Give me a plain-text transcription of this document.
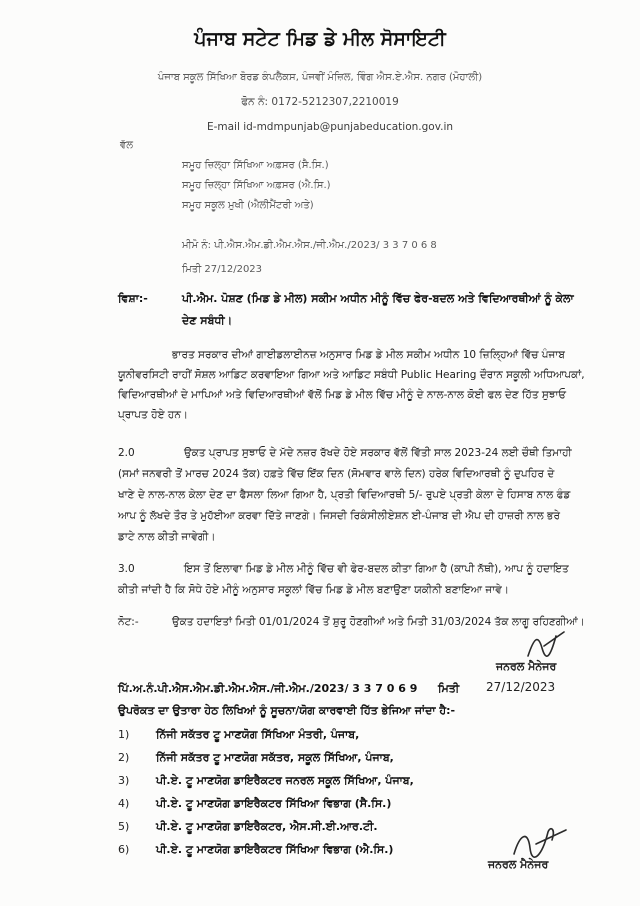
ਪੰਜਾਬ ਸਟੇਟ ਮਿਡ ਡੇ ਮੀਲ ਸੋਸਾਇਟੀ
ਪੰਜਾਬ ਸਕੂਲ ਸਿੱਖਿਆ ਬੋਰਡ ਕੰਪਲੈਕਸ, ਪੰਜਵੀਂ ਮੰਜ਼ਿਲ, ਵਿੰਗ ਐਸ.ਏ.ਐਸ. ਨਗਰ (ਮੋਹਾਲੀ)
ਫੋਨ ਨੰ: 0172-5212307,2210019
E-mail id-mdmpunjab@punjabeducation.gov.in
ਵੱਲ
ਸਮੂਹ ਜ਼ਿਲ੍ਹਾ ਸਿੱਖਿਆ ਅਫ਼ਸਰ (ਸੈ.ਸਿ.)
ਸਮੂਹ ਜ਼ਿਲ੍ਹਾ ਸਿੱਖਿਆ ਅਫ਼ਸਰ (ਐ.ਸਿ.)
ਸਮੂਹ ਸਕੂਲ ਮੁਖੀ (ਐਲੀਮੈਂਟਰੀ ਅਤੇ)
ਮੀਮੋ ਨੰ: ਪੀ.ਐਸ.ਐਮ.ਡੀ.ਐਮ.ਐਸ./ਜੀ.ਐਮ./2023/ 3 3 7 0 6 8
ਮਿਤੀ 27/12/2023
ਵਿਸ਼ਾ:-	ਪੀ.ਐਮ. ਪੋਸ਼ਣ (ਮਿਡ ਡੇ ਮੀਲ) ਸਕੀਮ ਅਧੀਨ ਮੀਨੂੰ ਵਿੱਚ ਫੇਰ-ਬਦਲ ਅਤੇ ਵਿਦਿਆਰਥੀਆਂ ਨੂੰ ਕੇਲਾ
ਦੇਣ ਸਬੰਧੀ।
ਭਾਰਤ ਸਰਕਾਰ ਦੀਆਂ ਗਾਈਡਲਾਈਨਜ਼ ਅਨੁਸਾਰ ਮਿਡ ਡੇ ਮੀਲ ਸਕੀਮ ਅਧੀਨ 10 ਜ਼ਿਲ੍ਹਿਆਂ ਵਿੱਚ ਪੰਜਾਬ
ਯੂਨੀਵਰਸਿਟੀ ਰਾਹੀਂ ਸੋਸ਼ਲ ਆਡਿਟ ਕਰਵਾਇਆ ਗਿਆ ਅਤੇ ਆਡਿਟ ਸਬੰਧੀ Public Hearing ਦੌਰਾਨ ਸਕੂਲੀ ਅਧਿਆਪਕਾਂ,
ਵਿਦਿਆਰਥੀਆਂ ਦੇ ਮਾਪਿਆਂ ਅਤੇ ਵਿਦਿਆਰਥੀਆਂ ਵੱਲੋਂ ਮਿਡ ਡੇ ਮੀਲ ਵਿੱਚ ਮੀਨੂੰ ਦੇ ਨਾਲ-ਨਾਲ ਕੋਈ ਫਲ ਦੇਣ ਹਿੱਤ ਸੁਝਾਓ
ਪ੍ਰਾਪਤ ਹੋਏ ਹਨ।
2.0	ਉਕਤ ਪ੍ਰਾਪਤ ਸੁਝਾਓ ਦੇ ਮੱਦੇ ਨਜ਼ਰ ਰੱਖਦੇ ਹੋਏ ਸਰਕਾਰ ਵੱਲੋਂ ਵਿੱਤੀ ਸਾਲ 2023-24 ਲਈ ਚੌਥੀ ਤਿਮਾਹੀ
(ਸਮਾਂ ਜਨਵਰੀ ਤੋਂ ਮਾਰਚ 2024 ਤੱਕ) ਹਫ਼ਤੇ ਵਿੱਚ ਇੱਕ ਦਿਨ (ਸੋਮਵਾਰ ਵਾਲੇ ਦਿਨ) ਹਰੇਕ ਵਿਦਿਆਰਥੀ ਨੂੰ ਦੁਪਹਿਰ ਦੇ
ਖਾਣੇ ਦੇ ਨਾਲ-ਨਾਲ ਕੇਲਾ ਦੇਣ ਦਾ ਫੈਸਲਾ ਲਿਆ ਗਿਆ ਹੈ, ਪ੍ਰਤੀ ਵਿਦਿਆਰਥੀ 5/- ਰੁਪਏ ਪ੍ਰਤੀ ਕੇਲਾ ਦੇ ਹਿਸਾਬ ਨਾਲ ਫੰਡ
ਆਪ ਨੂੰ ਲੱਖਦੇ ਤੌਰ ਤੇ ਮੁਹੱਈਆ ਕਰਵਾ ਦਿੱਤੇ ਜਾਣਗੇ। ਜਿਸਦੀ ਰਿਕੰਸੀਲੀਏਸ਼ਨ ਈ-ਪੰਜਾਬ ਦੀ ਐਪ ਦੀ ਹਾਜ਼ਰੀ ਨਾਲ ਭਰੇ
ਡਾਟੇ ਨਾਲ ਕੀਤੀ ਜਾਵੇਗੀ।
3.0	ਇਸ ਤੋਂ ਇਲਾਵਾ ਮਿਡ ਡੇ ਮੀਲ ਮੀਨੂੰ ਵਿੱਚ ਵੀ ਫੇਰ-ਬਦਲ ਕੀਤਾ ਗਿਆ ਹੈ (ਕਾਪੀ ਨੱਥੀ), ਆਪ ਨੂੰ ਹਦਾਇਤ
ਕੀਤੀ ਜਾਂਦੀ ਹੈ ਕਿ ਸੋਧੇ ਹੋਏ ਮੀਨੂੰ ਅਨੁਸਾਰ ਸਕੂਲਾਂ ਵਿੱਚ ਮਿਡ ਡੇ ਮੀਲ ਬਣਾਉਣਾ ਯਕੀਨੀ ਬਣਾਇਆ ਜਾਵੇ।
ਨੋਟ:-	ਉਕਤ ਹਦਾਇਤਾਂ ਮਿਤੀ 01/01/2024 ਤੋਂ ਸ਼ੁਰੂ ਹੋਣਗੀਆਂ ਅਤੇ ਮਿਤੀ 31/03/2024 ਤੱਕ ਲਾਗੂ ਰਹਿਣਗੀਆਂ।
ਜਨਰਲ ਮੈਨੇਜਰ
ਪਿੱ.ਅ.ਨੰ.ਪੀ.ਐਸ.ਐਮ.ਡੀ.ਐਮ.ਐਸ./ਜੀ.ਐਮ./2023/ 3 3 7 0 6 9 ਮਿਤੀ 27/12/2023
ਉਪਰੋਕਤ ਦਾ ਉਤਾਰਾ ਹੇਠ ਲਿਖਿਆਂ ਨੂੰ ਸੂਚਨਾ/ਯੋਗ ਕਾਰਵਾਈ ਹਿੱਤ ਭੇਜਿਆ ਜਾਂਦਾ ਹੈ:-
1) ਨਿੱਜੀ ਸਕੱਤਰ ਟੂ ਮਾਣਯੋਗ ਸਿੱਖਿਆ ਮੰਤਰੀ, ਪੰਜਾਬ,
2) ਨਿੱਜੀ ਸਕੱਤਰ ਟੂ ਮਾਣਯੋਗ ਸਕੱਤਰ, ਸਕੂਲ ਸਿੱਖਿਆ, ਪੰਜਾਬ,
3) ਪੀ.ਏ. ਟੂ ਮਾਣਯੋਗ ਡਾਇਰੈਕਟਰ ਜਨਰਲ ਸਕੂਲ ਸਿੱਖਿਆ, ਪੰਜਾਬ,
4) ਪੀ.ਏ. ਟੂ ਮਾਣਯੋਗ ਡਾਇਰੈਕਟਰ ਸਿੱਖਿਆ ਵਿਭਾਗ (ਸੈ.ਸਿ.)
5) ਪੀ.ਏ. ਟੂ ਮਾਣਯੋਗ ਡਾਇਰੈਕਟਰ, ਐਸ.ਸੀ.ਈ.ਆਰ.ਟੀ.
6) ਪੀ.ਏ. ਟੂ ਮਾਣਯੋਗ ਡਾਇਰੈਕਟਰ ਸਿੱਖਿਆ ਵਿਭਾਗ (ਐ.ਸਿ.)
ਜਨਰਲ ਮੈਨੇਜਰ
